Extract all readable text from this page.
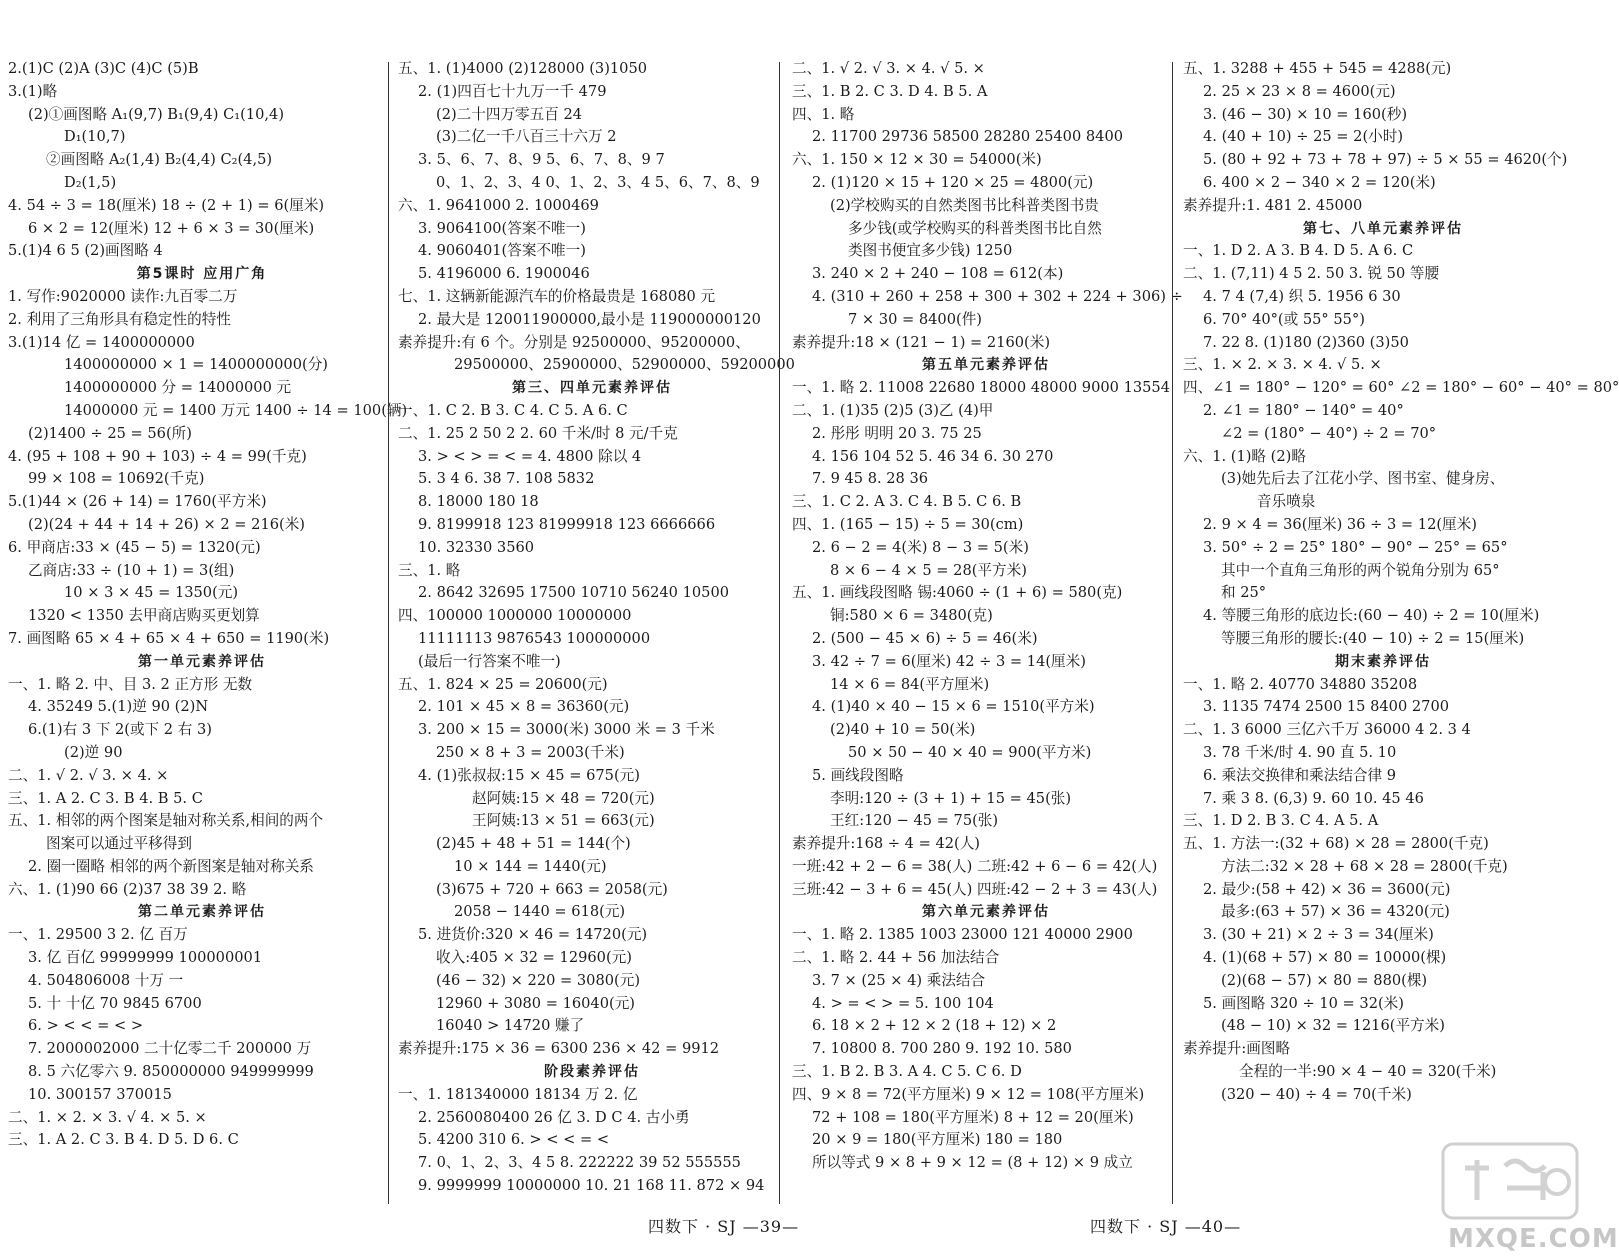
2.(1)C (2)A (3)C (4)C (5)B
3.(1)略
(2)①画图略 A₁(9,7) B₁(9,4) C₁(10,4)
D₁(10,7)
②画图略 A₂(1,4) B₂(4,4) C₂(4,5)
D₂(1,5)
4. 54 ÷ 3 = 18(厘米) 18 ÷ (2 + 1) = 6(厘米)
6 × 2 = 12(厘米) 12 + 6 × 3 = 30(厘米)
5.(1)4 6 5 (2)画图略 4
第5课时 应用广角
1. 写作:9020000 读作:九百零二万
2. 利用了三角形具有稳定性的特性
3.(1)14 亿 = 1400000000
1400000000 × 1 = 1400000000(分)
1400000000 分 = 14000000 元
14000000 元 = 1400 万元 1400 ÷ 14 = 100(辆)
(2)1400 ÷ 25 = 56(所)
4. (95 + 108 + 90 + 103) ÷ 4 = 99(千克)
99 × 108 = 10692(千克)
5.(1)44 × (26 + 14) = 1760(平方米)
(2)(24 + 44 + 14 + 26) × 2 = 216(米)
6. 甲商店:33 × (45 − 5) = 1320(元)
乙商店:33 ÷ (10 + 1) = 3(组)
10 × 3 × 45 = 1350(元)
1320 < 1350 去甲商店购买更划算
7. 画图略 65 × 4 + 65 × 4 + 650 = 1190(米)
第一单元素养评估
一、1. 略 2. 中、目 3. 2 正方形 无数
4. 35249 5.(1)逆 90 (2)N
6.(1)右 3 下 2(或下 2 右 3)
(2)逆 90
二、1. √ 2. √ 3. × 4. ×
三、1. A 2. C 3. B 4. B 5. C
五、1. 相邻的两个图案是轴对称关系,相间的两个
图案可以通过平移得到
2. 圈一圈略 相邻的两个新图案是轴对称关系
六、1. (1)90 66 (2)37 38 39 2. 略
第二单元素养评估
一、1. 29500 3 2. 亿 百万
3. 亿 百亿 99999999 100000001
4. 504806008 十万 一
5. 十 十亿 70 9845 6700
6. > < < = < >
7. 2000002000 二十亿零二千 200000 万
8. 5 六亿零六 9. 850000000 949999999
10. 300157 370015
二、1. × 2. × 3. √ 4. × 5. ×
三、1. A 2. C 3. B 4. D 5. D 6. C
五、1. (1)4000 (2)128000 (3)1050
2. (1)四百七十九万一千 479
(2)二十四万零五百 24
(3)二亿一千八百三十六万 2
3. 5、6、7、8、9 5、6、7、8、9 7
0、1、2、3、4 0、1、2、3、4 5、6、7、8、9
六、1. 9641000 2. 1000469
3. 9064100(答案不唯一)
4. 9060401(答案不唯一)
5. 4196000 6. 1900046
七、1. 这辆新能源汽车的价格最贵是 168080 元
2. 最大是 120011900000,最小是 119000000120
素养提升:有 6 个。分别是 92500000、95200000、
29500000、25900000、52900000、59200000
第三、四单元素养评估
一、1. C 2. B 3. C 4. C 5. A 6. C
二、1. 25 2 50 2 2. 60 千米/时 8 元/千克
3. > < > = < = 4. 4800 除以 4
5. 3 4 6. 38 7. 108 5832
8. 18000 180 18
9. 8199918 123 81999918 123 6666666
10. 32330 3560
三、1. 略
2. 8642 32695 17500 10710 56240 10500
四、100000 1000000 10000000
11111113 9876543 100000000
(最后一行答案不唯一)
五、1. 824 × 25 = 20600(元)
2. 101 × 45 × 8 = 36360(元)
3. 200 × 15 = 3000(米) 3000 米 = 3 千米
250 × 8 + 3 = 2003(千米)
4. (1)张叔叔:15 × 45 = 675(元)
赵阿姨:15 × 48 = 720(元)
王阿姨:13 × 51 = 663(元)
(2)45 + 48 + 51 = 144(个)
10 × 144 = 1440(元)
(3)675 + 720 + 663 = 2058(元)
2058 − 1440 = 618(元)
5. 进货价:320 × 46 = 14720(元)
收入:405 × 32 = 12960(元)
(46 − 32) × 220 = 3080(元)
12960 + 3080 = 16040(元)
16040 > 14720 赚了
素养提升:175 × 36 = 6300 236 × 42 = 9912
阶段素养评估
一、1. 181340000 18134 万 2. 亿
2. 2560080400 26 亿 3. D C 4. 古小勇
5. 4200 310 6. > < < = <
7. 0、1、2、3、4 5 8. 222222 39 52 555555
9. 9999999 10000000 10. 21 168 11. 872 × 94
二、1. √ 2. √ 3. × 4. √ 5. ×
三、1. B 2. C 3. D 4. B 5. A
四、1. 略
2. 11700 29736 58500 28280 25400 8400
六、1. 150 × 12 × 30 = 54000(米)
2. (1)120 × 15 + 120 × 25 = 4800(元)
(2)学校购买的自然类图书比科普类图书贵
多少钱(或学校购买的科普类图书比自然
类图书便宜多少钱) 1250
3. 240 × 2 + 240 − 108 = 612(本)
4. (310 + 260 + 258 + 300 + 302 + 224 + 306) ÷
7 × 30 = 8400(件)
素养提升:18 × (121 − 1) = 2160(米)
第五单元素养评估
一、1. 略 2. 11008 22680 18000 48000 9000 13554
二、1. (1)35 (2)5 (3)乙 (4)甲
2. 彤彤 明明 20 3. 75 25
4. 156 104 52 5. 46 34 6. 30 270
7. 9 45 8. 28 36
三、1. C 2. A 3. C 4. B 5. C 6. B
四、1. (165 − 15) ÷ 5 = 30(cm)
2. 6 − 2 = 4(米) 8 − 3 = 5(米)
8 × 6 − 4 × 5 = 28(平方米)
五、1. 画线段图略 锡:4060 ÷ (1 + 6) = 580(克)
铜:580 × 6 = 3480(克)
2. (500 − 45 × 6) ÷ 5 = 46(米)
3. 42 ÷ 7 = 6(厘米) 42 ÷ 3 = 14(厘米)
14 × 6 = 84(平方厘米)
4. (1)40 × 40 − 15 × 6 = 1510(平方米)
(2)40 + 10 = 50(米)
50 × 50 − 40 × 40 = 900(平方米)
5. 画线段图略
李明:120 ÷ (3 + 1) + 15 = 45(张)
王红:120 − 45 = 75(张)
素养提升:168 ÷ 4 = 42(人)
一班:42 + 2 − 6 = 38(人) 二班:42 + 6 − 6 = 42(人)
三班:42 − 3 + 6 = 45(人) 四班:42 − 2 + 3 = 43(人)
第六单元素养评估
一、1. 略 2. 1385 1003 23000 121 40000 2900
二、1. 略 2. 44 + 56 加法结合
3. 7 × (25 × 4) 乘法结合
4. > = < > = 5. 100 104
6. 18 × 2 + 12 × 2 (18 + 12) × 2
7. 10800 8. 700 280 9. 192 10. 580
三、1. B 2. B 3. A 4. C 5. C 6. D
四、9 × 8 = 72(平方厘米) 9 × 12 = 108(平方厘米)
72 + 108 = 180(平方厘米) 8 + 12 = 20(厘米)
20 × 9 = 180(平方厘米) 180 = 180
所以等式 9 × 8 + 9 × 12 = (8 + 12) × 9 成立
五、1. 3288 + 455 + 545 = 4288(元)
2. 25 × 23 × 8 = 4600(元)
3. (46 − 30) × 10 = 160(秒)
4. (40 + 10) ÷ 25 = 2(小时)
5. (80 + 92 + 73 + 78 + 97) ÷ 5 × 55 = 4620(个)
6. 400 × 2 − 340 × 2 = 120(米)
素养提升:1. 481 2. 45000
第七、八单元素养评估
一、1. D 2. A 3. B 4. D 5. A 6. C
二、1. (7,11) 4 5 2. 50 3. 锐 50 等腰
4. 7 4 (7,4) 织 5. 1956 6 30
6. 70° 40°(或 55° 55°)
7. 22 8. (1)180 (2)360 (3)50
三、1. × 2. × 3. × 4. √ 5. ×
四、∠1 = 180° − 120° = 60° ∠2 = 180° − 60° − 40° = 80°
2. ∠1 = 180° − 140° = 40°
∠2 = (180° − 40°) ÷ 2 = 70°
六、1. (1)略 (2)略
(3)她先后去了江花小学、图书室、健身房、
音乐喷泉
2. 9 × 4 = 36(厘米) 36 ÷ 3 = 12(厘米)
3. 50° ÷ 2 = 25° 180° − 90° − 25° = 65°
其中一个直角三角形的两个锐角分别为 65°
和 25°
4. 等腰三角形的底边长:(60 − 40) ÷ 2 = 10(厘米)
等腰三角形的腰长:(40 − 10) ÷ 2 = 15(厘米)
期末素养评估
一、1. 略 2. 40770 34880 35208
3. 1135 7474 2500 15 8400 2700
二、1. 3 6000 三亿六千万 36000 4 2. 3 4
3. 78 千米/时 4. 90 直 5. 10
6. 乘法交换律和乘法结合律 9
7. 乘 3 8. (6,3) 9. 60 10. 45 46
三、1. D 2. B 3. C 4. A 5. A
五、1. 方法一:(32 + 68) × 28 = 2800(千克)
方法二:32 × 28 + 68 × 28 = 2800(千克)
2. 最少:(58 + 42) × 36 = 3600(元)
最多:(63 + 57) × 36 = 4320(元)
3. (30 + 21) × 2 ÷ 3 = 34(厘米)
4. (1)(68 + 57) × 80 = 10000(棵)
(2)(68 − 57) × 80 = 880(棵)
5. 画图略 320 ÷ 10 = 32(米)
(48 − 10) × 32 = 1216(平方米)
素养提升:画图略
全程的一半:90 × 4 − 40 = 320(千米)
(320 − 40) ÷ 4 = 70(千米)
四数下 · SJ —39—	四数下 · SJ —40—	MXQE.COM
